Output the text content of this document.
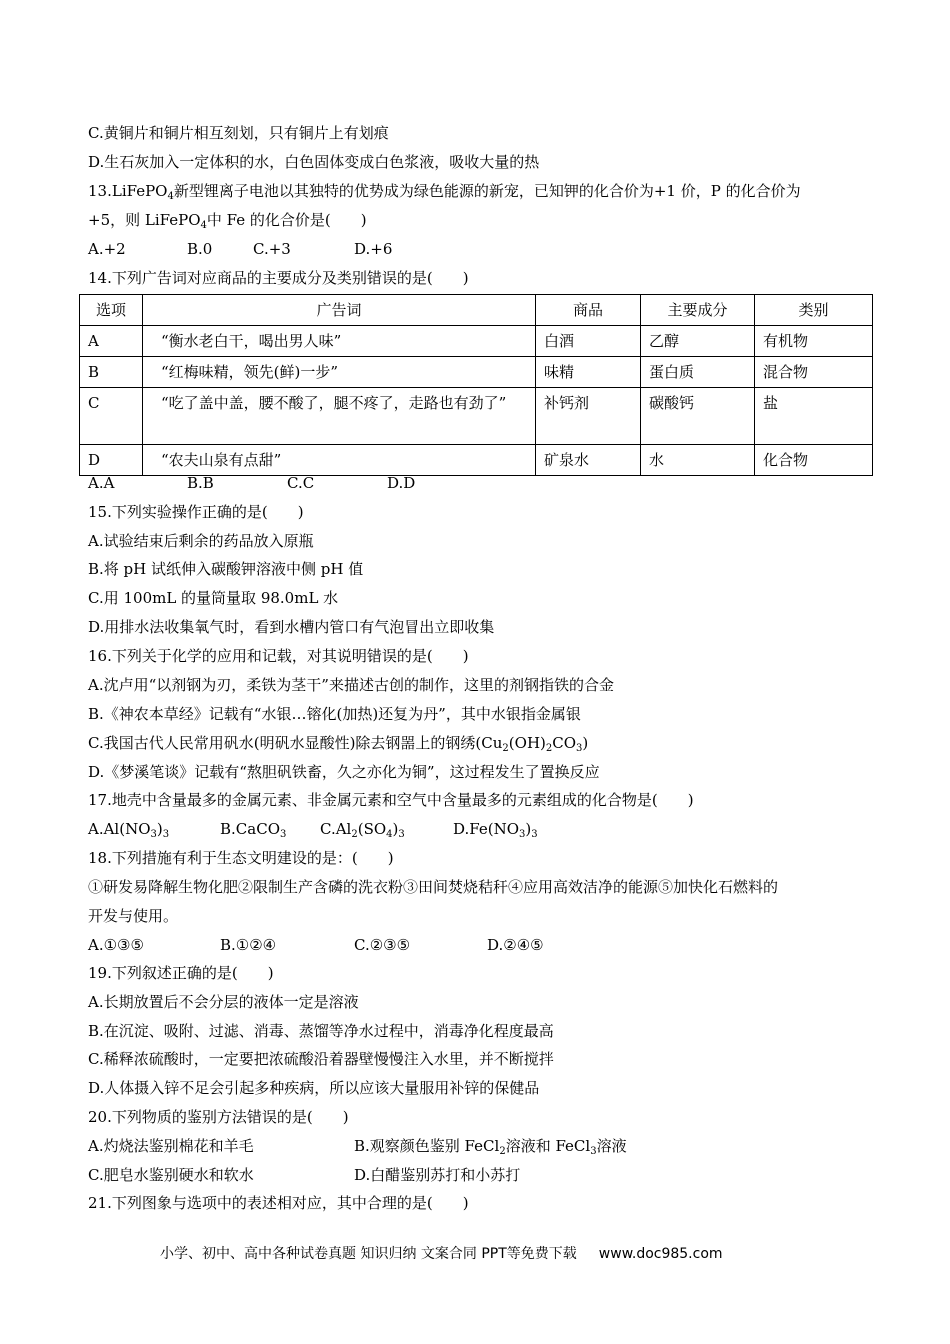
C.黄铜片和铜片相互刻划，只有铜片上有划痕
D.生石灰加入一定体积的水，白色固体变成白色浆液，吸收大量的热
13.LiFePO$_4$新型锂离子电池以其独特的优势成为绿色能源的新宠，已知钾的化合价为+1 价，P 的化合价为
+5，则 LiFePO$_4$中 Fe 的化合价是(　　)
A.+2	B.0	C.+3	D.+6
14.下列广告词对应商品的主要成分及类别错误的是(　　)
选项	广告词	商品	主要成分	类别
A	“衡水老白干，喝出男人味”	白酒	乙醇	有机物
B	“红梅味精，领先(鲜)一步”	味精	蛋白质	混合物
C	“吃了盖中盖，腰不酸了，腿不疼了，走路也有劲了”	补钙剂	碳酸钙	盐
D	“农夫山泉有点甜”	矿泉水	水	化合物
A.A	B.B	C.C	D.D
15.下列实验操作正确的是(　　)
A.试验结束后剩余的药品放入原瓶
B.将 pH 试纸伸入碳酸钾溶液中侧 pH 值
C.用 100mL 的量筒量取 98.0mL 水
D.用排水法收集氧气时，看到水槽内管口有气泡冒出立即收集
16.下列关于化学的应用和记载，对其说明错误的是(　　)
A.沈卢用“以剂钢为刃，柔铁为茎干”来描述古创的制作，这里的剂钢指铁的合金
B.《神农本草经》记载有“水银…镕化(加热)还复为丹”，其中水银指金属银
C.我国古代人民常用矾水(明矾水显酸性)除去钢噐上的钢绣$(Cu_2(OH)_2CO_3)$
D.《梦溪笔谈》记载有“熬胆矾铁畜，久之亦化为铜”，这过程发生了置换反应
17.地壳中含量最多的金属元素、非金属元素和空气中含量最多的元素组成的化合物是(　　)
$A.Al(NO_3)_3$	B.CaCO$_3$ $C.Al_2(SO_4)_3$	$D.Fe(NO_3)_3$
18.下列措施有利于生态文明建设的是：(　　)
①研发易降解生物化肥②限制生产含磷的洗衣粉③田间焚烧秸秆④应用高效洁净的能源⑤加快化石燃料的
开发与使用。
A.①③⑤	B.①②④	C.②③⑤	D.②④⑤
19.下列叙述正确的是(　　)
A.长期放置后不会分层的液体一定是溶液
B.在沉淀、吸附、过滤、消毒、蒸馏等净水过程中，消毒净化程度最高
C.稀释浓硫酸时，一定要把浓硫酸沿着器壁慢慢注入水里，并不断搅拌
D.人体摄入锌不足会引起多种疾病，所以应该大量服用补锌的保健品
20.下列物质的鉴别方法错误的是(　　)
A.灼烧法鉴别棉花和羊毛	B.观察颜色鉴别 FeCl$_2$溶液和 FeCl$_3$溶液
C.肥皂水鉴别硬水和软水	D.白醋鉴别苏打和小苏打
21.下列图象与选项中的表述相对应，其中合理的是(　　)
小学、初中、高中各种试卷真题 知识归纳 文案合同 PPT等免费下载 www.doc985.com
